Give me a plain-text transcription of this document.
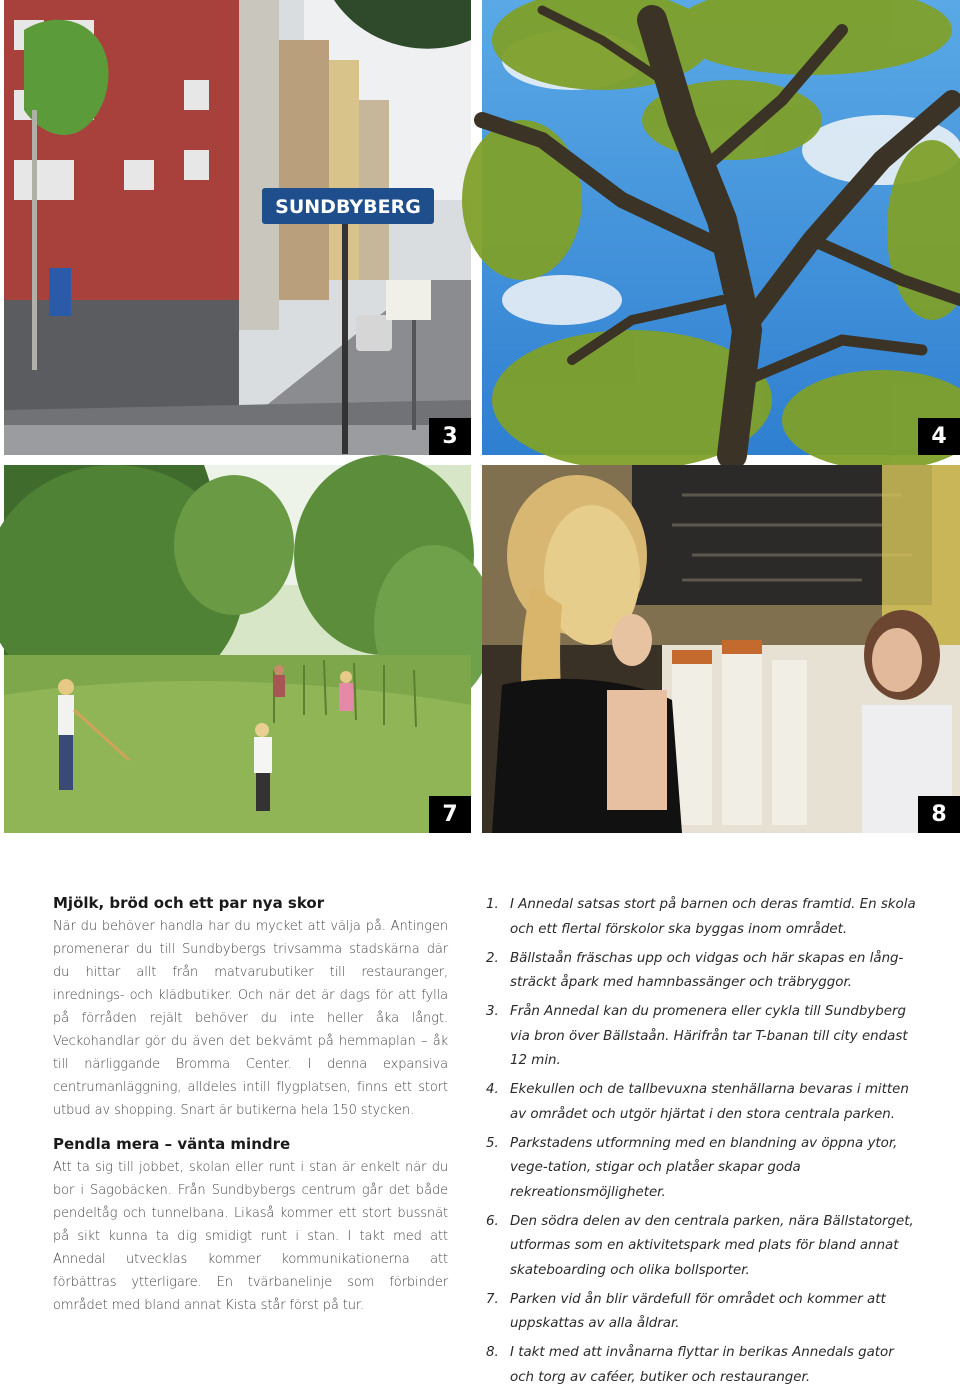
SUNDBYBERG
3	4
7	8
Mjölk, bröd och ett par nya skor

När du behöver handla har du mycket att välja på. Antingen promenerar du till Sundbybergs trivsamma stadskärna där du hittar allt från matvarubutiker till restauranger, inrednings- och klädbutiker. Och när det är dags för att fylla på förråden rejält behöver du inte heller åka långt. Veckohandlar gör du även det bekvämt på hemmaplan – åk till närliggande Bromma Center. I denna expansiva centrumanläggning, alldeles intill flygplatsen, finns ett stort utbud av shopping. Snart är butikerna hela 150 stycken.

Pendla mera – vänta mindre

Att ta sig till jobbet, skolan eller runt i stan är enkelt när du bor i Sagobäcken. Från Sundbybergs centrum går det både pendeltåg och tunnelbana. Likaså kommer ett stort bussnät på sikt kunna ta dig smidigt runt i stan. I takt med att Annedal utvecklas kommer kommunikationerna att förbättras ytterligare. En tvärbanelinje som förbinder området med bland annat Kista står först på tur.

1. I Annedal satsas stort på barnen och deras framtid. En skola och ett flertal förskolor ska byggas inom området.
2. Bällstaån fräschas upp och vidgas och här skapas en lång-sträckt åpark med hamnbassänger och träbryggor.
3. Från Annedal kan du promenera eller cykla till Sundbyberg via bron över Bällstaån. Härifrån tar T-banan till city endast 12 min.
4. Ekekullen och de tallbevuxna stenhällarna bevaras i mitten av området och utgör hjärtat i den stora centrala parken.
5. Parkstadens utformning med en blandning av öppna ytor, vege-tation, stigar och platåer skapar goda rekreationsmöjligheter.
6. Den södra delen av den centrala parken, nära Bällstatorget, utformas som en aktivitetspark med plats för bland annat skateboarding och olika bollsporter.
7. Parken vid ån blir värdefull för området och kommer att uppskattas av alla åldrar.
8. I takt med att invånarna flyttar in berikas Annedals gator och torg av caféer, butiker och restauranger.
